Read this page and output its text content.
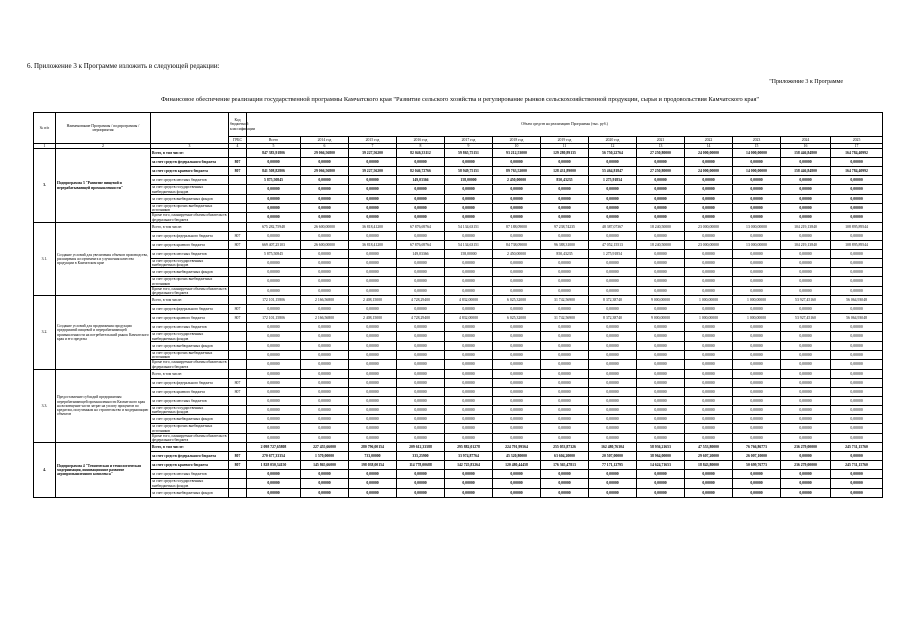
6. Приложение 3 к Программе изложить в следующей редакции:
"Приложение 3 к Программе
Финансовое обеспечение реализации государственной программы Камчатского края "Развитие сельского хозяйства и регулирование рынков сельскохозяйственной продукции, сырья и продовольствия Камчатского края"
№ п/п	Наименование Программы / подпрограммы / мероприятия		Код бюджетной классификации	Объем средств на реализацию Программы (тыс. руб.)												
			ГРБС	Всего	2014 год	2015 год	2016 год	2017 год	2018 год	2019 год	2020 год	2021	2022	2023	2024	2025
1	2	3	4	5	6	7	8	9	10	11	12	13	14	15	16	17
3.	Подпрограмма 3 "Развитие пищевой и перерабатывающей промышленности"	Всего, в том числе:		847 383,91806	29 066,56800	39 227,56200	82 046,33112	59 865,75151	93 212,53000	129 280,89135	56 750,22764	27 250,80000	24 000,00000	14 000,00000	158 446,84800	164 784,40992
		за счет средств федерального бюджета	807	0,00000	0,00000	0,00000	0,00000	0,00000	0,00000	0,00000	0,00000	0,00000	0,00000	0,00000	0,00000	0,00000
		за счет средств краевого бюджета	807	841 508,82806	29 066,56800	39 227,56200	82 046,72766	58 949,75151	89 763,52000	128 431,89000	55 464,81847	27 250,80000	24 000,00000	14 000,00000	158 446,84800	164 784,40992
		за счет средств местных бюджетов		5 875,50845	0,00000	0,00000	149,03366	158,00000	2 450,00000	850,43235	1 275,91854	0,00000	0,00000	0,00000	0,00000	0,00000
		за счет средств государственных внебюджетных фондов		0,00000	0,00000	0,00000	0,00000	0,00000	0,00000	0,00000	0,00000	0,00000	0,00000	0,00000	0,00000	0,00000
		за счет средств внебюджетных фондов		0,00000	0,00000	0,00000	0,00000	0,00000	0,00000	0,00000	0,00000	0,00000	0,00000	0,00000	0,00000	0,00000
		за счет средств прочих внебюджетных источников		0,00000	0,00000	0,00000	0,00000	0,00000	0,00000	0,00000	0,00000	0,00000	0,00000	0,00000	0,00000	0,00000
		Кроме того, планируемые объемы обязательств федерального бюджета		0,00000	0,00000	0,00000	0,00000	0,00000	0,00000	0,00000	0,00000	0,00000	0,00000	0,00000	0,00000	0,00000
3.1.	Создание условий для увеличения объемов производства, расширения ассортимента и улучшения качества продукции в Камчатском крае	Всего, в том числе:		675 282,75948	26 600,00000	36 818,41200	67 876,69764	54 134,63151	87 188,09000	97 238,74235	48 387,07367	18 240,50000	23 000,00000	13 000,00000	104 219,13840	108 895,89544
		за счет средств федерального бюджета	807	0,00000	0,00000	0,00000	0,00000	0,00000	0,00000	0,00000	0,00000	0,00000	0,00000	0,00000	0,00000	0,00000
		за счет средств краевого бюджета	807	669 407,25103	26 600,00000	36 818,41200	67 876,69764	54 134,63151	84 738,09000	96 388,31000	47 052,15513	18 240,50000	23 000,00000	13 000,00000	104 219,13840	108 895,89544
		за счет средств местных бюджетов		5 875,50845	0,00000	0,00000	149,03366	158,00000	2 450,00000	850,43235	1 275,91854	0,00000	0,00000	0,00000	0,00000	0,00000
		за счет средств государственных внебюджетных фондов		0,00000	0,00000	0,00000	0,00000	0,00000	0,00000	0,00000	0,00000	0,00000	0,00000	0,00000	0,00000	0,00000
		за счет средств внебюджетных фондов		0,00000	0,00000	0,00000	0,00000	0,00000	0,00000	0,00000	0,00000	0,00000	0,00000	0,00000	0,00000	0,00000
		за счет средств прочих внебюджетных источников		0,00000	0,00000	0,00000	0,00000	0,00000	0,00000	0,00000	0,00000	0,00000	0,00000	0,00000	0,00000	0,00000
		Кроме того, планируемые объемы обязательств федерального бюджета		0,00000	0,00000	0,00000	0,00000	0,00000	0,00000	0,00000	0,00000	0,00000	0,00000	0,00000	0,00000	0,00000
3.2.	Создание условий для продвижения продукции предприятий пищевой и перерабатывающей промышленности на потребительский рынок Камчатского края и его пределы	Всего, в том числе:		172 101,15806	2 166,56800	2 408,15000	4 728,29400	4 832,00000	6 025,32000	31 742,56900	8 372,38740	9 000,00000	1 000,00000	1 000,00000	53 927,45160	56 064,93048
		за счет средств федерального бюджета	807	0,00000	0,00000	0,00000	0,00000	0,00000	0,00000	0,00000	0,00000	0,00000	0,00000	0,00000	0,00000	0,00000
		за счет средств краевого бюджета	807	172 101,15806	2 166,56800	2 408,15000	4 728,29400	4 832,00000	6 025,32000	31 742,56900	8 372,38740	9 000,00000	1 000,00000	1 000,00000	53 927,45160	56 064,93048
		за счет средств местных бюджетов		0,00000	0,00000	0,00000	0,00000	0,00000	0,00000	0,00000	0,00000	0,00000	0,00000	0,00000	0,00000	0,00000
		за счет средств государственных внебюджетных фондов		0,00000	0,00000	0,00000	0,00000	0,00000	0,00000	0,00000	0,00000	0,00000	0,00000	0,00000	0,00000	0,00000
		за счет средств внебюджетных фондов		0,00000	0,00000	0,00000	0,00000	0,00000	0,00000	0,00000	0,00000	0,00000	0,00000	0,00000	0,00000	0,00000
		за счет средств прочих внебюджетных источников		0,00000	0,00000	0,00000	0,00000	0,00000	0,00000	0,00000	0,00000	0,00000	0,00000	0,00000	0,00000	0,00000
		Кроме того, планируемые объемы обязательств федерального бюджета		0,00000	0,00000	0,00000	0,00000	0,00000	0,00000	0,00000	0,00000	0,00000	0,00000	0,00000	0,00000	0,00000
3.3.	Предоставление субсидий предприятиям перерабатывающей промышленности Камчатского края на возмещение части затрат на уплату процентов по кредитам, полученным на строительство и модернизацию объектов	Всего, в том числе:		0,00000	0,00000	0,00000	0,00000	0,00000	0,00000	0,00000	0,00000	0,00000	0,00000	0,00000	0,00000	0,00000
		за счет средств федерального бюджета	807	0,00000	0,00000	0,00000	0,00000	0,00000	0,00000	0,00000	0,00000	0,00000	0,00000	0,00000	0,00000	0,00000
		за счет средств краевого бюджета	807	0,00000	0,00000	0,00000	0,00000	0,00000	0,00000	0,00000	0,00000	0,00000	0,00000	0,00000	0,00000	0,00000
		за счет средств местных бюджетов		0,00000	0,00000	0,00000	0,00000	0,00000	0,00000	0,00000	0,00000	0,00000	0,00000	0,00000	0,00000	0,00000
		за счет средств государственных внебюджетных фондов		0,00000	0,00000	0,00000	0,00000	0,00000	0,00000	0,00000	0,00000	0,00000	0,00000	0,00000	0,00000	0,00000
		за счет средств внебюджетных фондов		0,00000	0,00000	0,00000	0,00000	0,00000	0,00000	0,00000	0,00000	0,00000	0,00000	0,00000	0,00000	0,00000
		за счет средств прочих внебюджетных источников		0,00000	0,00000	0,00000	0,00000	0,00000	0,00000	0,00000	0,00000	0,00000	0,00000	0,00000	0,00000	0,00000
		Кроме того, планируемые объемы обязательств федерального бюджета		0,00000	0,00000	0,00000	0,00000	0,00000	0,00000	0,00000	0,00000	0,00000	0,00000	0,00000	0,00000	0,00000
4.	Подпрограмма 4 "Техническая и технологическая модернизация, инновационное развитие агропромышленного комплекса"	Всего, в том числе:		2 098 727,65808	227 455,66000	280 796,00154	209 612,33588	295 882,01278	224 791,99564	255 053,87326	162 480,76304	58 936,21653	47 553,80000	76 766,86773	236 279,00000	245 731,15760
		за счет средств федерального бюджета	807	270 677,33354	1 570,00000	733,00000	335,25900	33 974,87764	45 320,80000	63 604,20000	20 507,00000	38 964,00000	29 607,20000	26 007,10000	0,00000	0,00000
		за счет средств краевого бюджета	807	1 828 050,34150	145 865,66000	198 038,00154	114 778,00688	142 725,83264	120 480,44458	176 365,47813	77 171,12795	14 624,71653	18 843,80000	50 699,76773	236 279,00000	245 731,15760
		за счет средств местных бюджетов		0,00000	0,00000	0,00000	0,00000	0,00000	0,00000	0,00000	0,00000	0,00000	0,00000	0,00000	0,00000	0,00000
		за счет средств государственных внебюджетных фондов		0,00000	0,00000	0,00000	0,00000	0,00000	0,00000	0,00000	0,00000	0,00000	0,00000	0,00000	0,00000	0,00000
		за счет средств внебюджетных фондов		0,00000	0,00000	0,00000	0,00000	0,00000	0,00000	0,00000	0,00000	0,00000	0,00000	0,00000	0,00000	0,00000
